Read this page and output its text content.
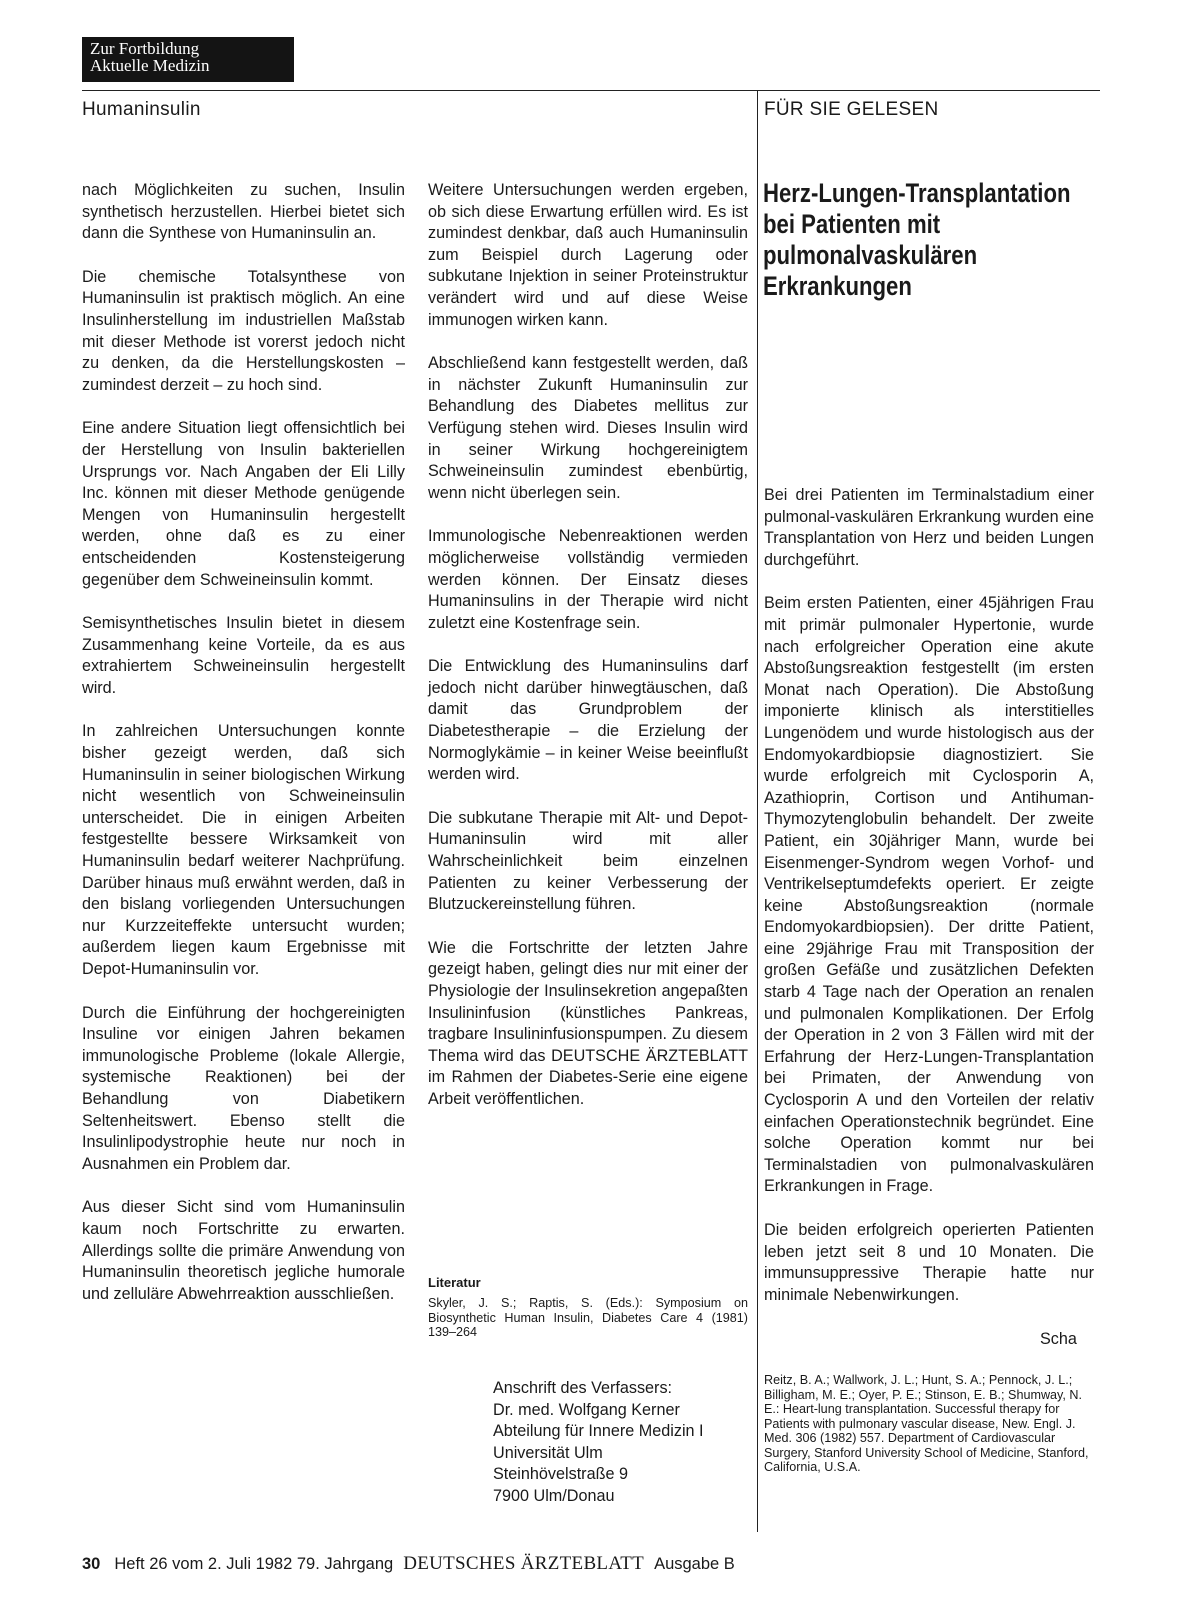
Zur Fortbildung
Aktuelle Medizin
Humaninsulin	FÜR SIE GELESEN

nach Möglichkeiten zu suchen, Insulin synthetisch herzustellen. Hierbei bietet sich dann die Synthese von Humaninsulin an.

Die chemische Totalsynthese von Humaninsulin ist praktisch möglich. An eine Insulinherstellung im industriellen Maßstab mit dieser Methode ist vorerst jedoch nicht zu denken, da die Herstellungskosten – zumindest derzeit – zu hoch sind.

Eine andere Situation liegt offensichtlich bei der Herstellung von Insulin bakteriellen Ursprungs vor. Nach Angaben der Eli Lilly Inc. können mit dieser Methode genügende Mengen von Humaninsulin hergestellt werden, ohne daß es zu einer entscheidenden Kostensteigerung gegenüber dem Schweineinsulin kommt.

Semisynthetisches Insulin bietet in diesem Zusammenhang keine Vorteile, da es aus extrahiertem Schweineinsulin hergestellt wird.

In zahlreichen Untersuchungen konnte bisher gezeigt werden, daß sich Humaninsulin in seiner biologischen Wirkung nicht wesentlich von Schweineinsulin unterscheidet. Die in einigen Arbeiten festgestellte bessere Wirksamkeit von Humaninsulin bedarf weiterer Nachprüfung. Darüber hinaus muß erwähnt werden, daß in den bislang vorliegenden Untersuchungen nur Kurzzeiteffekte untersucht wurden; außerdem liegen kaum Ergebnisse mit Depot-Humaninsulin vor.

Durch die Einführung der hochgereinigten Insuline vor einigen Jahren bekamen immunologische Probleme (lokale Allergie, systemische Reaktionen) bei der Behandlung von Diabetikern Seltenheitswert. Ebenso stellt die Insulinlipodystrophie heute nur noch in Ausnahmen ein Problem dar.

Aus dieser Sicht sind vom Humaninsulin kaum noch Fortschritte zu erwarten. Allerdings sollte die primäre Anwendung von Humaninsulin theoretisch jegliche humorale und zelluläre Abwehrreaktion ausschließen.

Weitere Untersuchungen werden ergeben, ob sich diese Erwartung erfüllen wird. Es ist zumindest denkbar, daß auch Humaninsulin zum Beispiel durch Lagerung oder subkutane Injektion in seiner Proteinstruktur verändert wird und auf diese Weise immunogen wirken kann.

Abschließend kann festgestellt werden, daß in nächster Zukunft Humaninsulin zur Behandlung des Diabetes mellitus zur Verfügung stehen wird. Dieses Insulin wird in seiner Wirkung hochgereinigtem Schweineinsulin zumindest ebenbürtig, wenn nicht überlegen sein.

Immunologische Nebenreaktionen werden möglicherweise vollständig vermieden werden können. Der Einsatz dieses Humaninsulins in der Therapie wird nicht zuletzt eine Kostenfrage sein.

Die Entwicklung des Humaninsulins darf jedoch nicht darüber hinwegtäuschen, daß damit das Grundproblem der Diabetestherapie – die Erzielung der Normoglykämie – in keiner Weise beeinflußt werden wird.

Die subkutane Therapie mit Alt- und Depot-Humaninsulin wird mit aller Wahrscheinlichkeit beim einzelnen Patienten zu keiner Verbesserung der Blutzuckereinstellung führen.

Wie die Fortschritte der letzten Jahre gezeigt haben, gelingt dies nur mit einer der Physiologie der Insulinsekretion angepaßten Insulininfusion (künstliches Pankreas, tragbare Insulininfusionspumpen. Zu diesem Thema wird das DEUTSCHE ÄRZTEBLATT im Rahmen der Diabetes-Serie eine eigene Arbeit veröffentlichen.

Literatur
Skyler, J. S.; Raptis, S. (Eds.): Symposium on Biosynthetic Human Insulin, Diabetes Care 4 (1981) 139–264
Anschrift des Verfassers:
Dr. med. Wolfgang Kerner
Abteilung für Innere Medizin I
Universität Ulm
Steinhövelstraße 9
7900 Ulm/Donau
Herz-Lungen-Transplantation bei Patienten mit pulmonalvaskulären Erkrankungen

Bei drei Patienten im Terminalstadium einer pulmonal-vaskulären Erkrankung wurden eine Transplantation von Herz und beiden Lungen durchgeführt.

Beim ersten Patienten, einer 45jährigen Frau mit primär pulmonaler Hypertonie, wurde nach erfolgreicher Operation eine akute Abstoßungsreaktion festgestellt (im ersten Monat nach Operation). Die Abstoßung imponierte klinisch als interstitielles Lungenödem und wurde histologisch aus der Endomyokardbiopsie diagnostiziert. Sie wurde erfolgreich mit Cyclosporin A, Azathioprin, Cortison und Antihuman-Thymozytenglobulin behandelt. Der zweite Patient, ein 30jähriger Mann, wurde bei Eisenmenger-Syndrom wegen Vorhof- und Ventrikelseptumdefekts operiert. Er zeigte keine Abstoßungsreaktion (normale Endomyokardbiopsien). Der dritte Patient, eine 29jährige Frau mit Transposition der großen Gefäße und zusätzlichen Defekten starb 4 Tage nach der Operation an renalen und pulmonalen Komplikationen. Der Erfolg der Operation in 2 von 3 Fällen wird mit der Erfahrung der Herz-Lungen-Transplantation bei Primaten, der Anwendung von Cyclosporin A und den Vorteilen der relativ einfachen Operationstechnik begründet. Eine solche Operation kommt nur bei Terminalstadien von pulmonalvaskulären Erkrankungen in Frage.

Die beiden erfolgreich operierten Patienten leben jetzt seit 8 und 10 Monaten. Die immunsuppressive Therapie hatte nur minimale Nebenwirkungen.

Scha
Reitz, B. A.; Wallwork, J. L.; Hunt, S. A.; Pennock, J. L.; Billigham, M. E.; Oyer, P. E.; Stinson, E. B.; Shumway, N. E.: Heart-lung transplantation. Successful therapy for Patients with pulmonary vascular disease, New. Engl. J. Med. 306 (1982) 557. Department of Cardiovascular Surgery, Stanford University School of Medicine, Stanford, California, U.S.A.
30 Heft 26 vom 2. Juli 1982 79. Jahrgang DEUTSCHES ÄRZTEBLATT Ausgabe B
